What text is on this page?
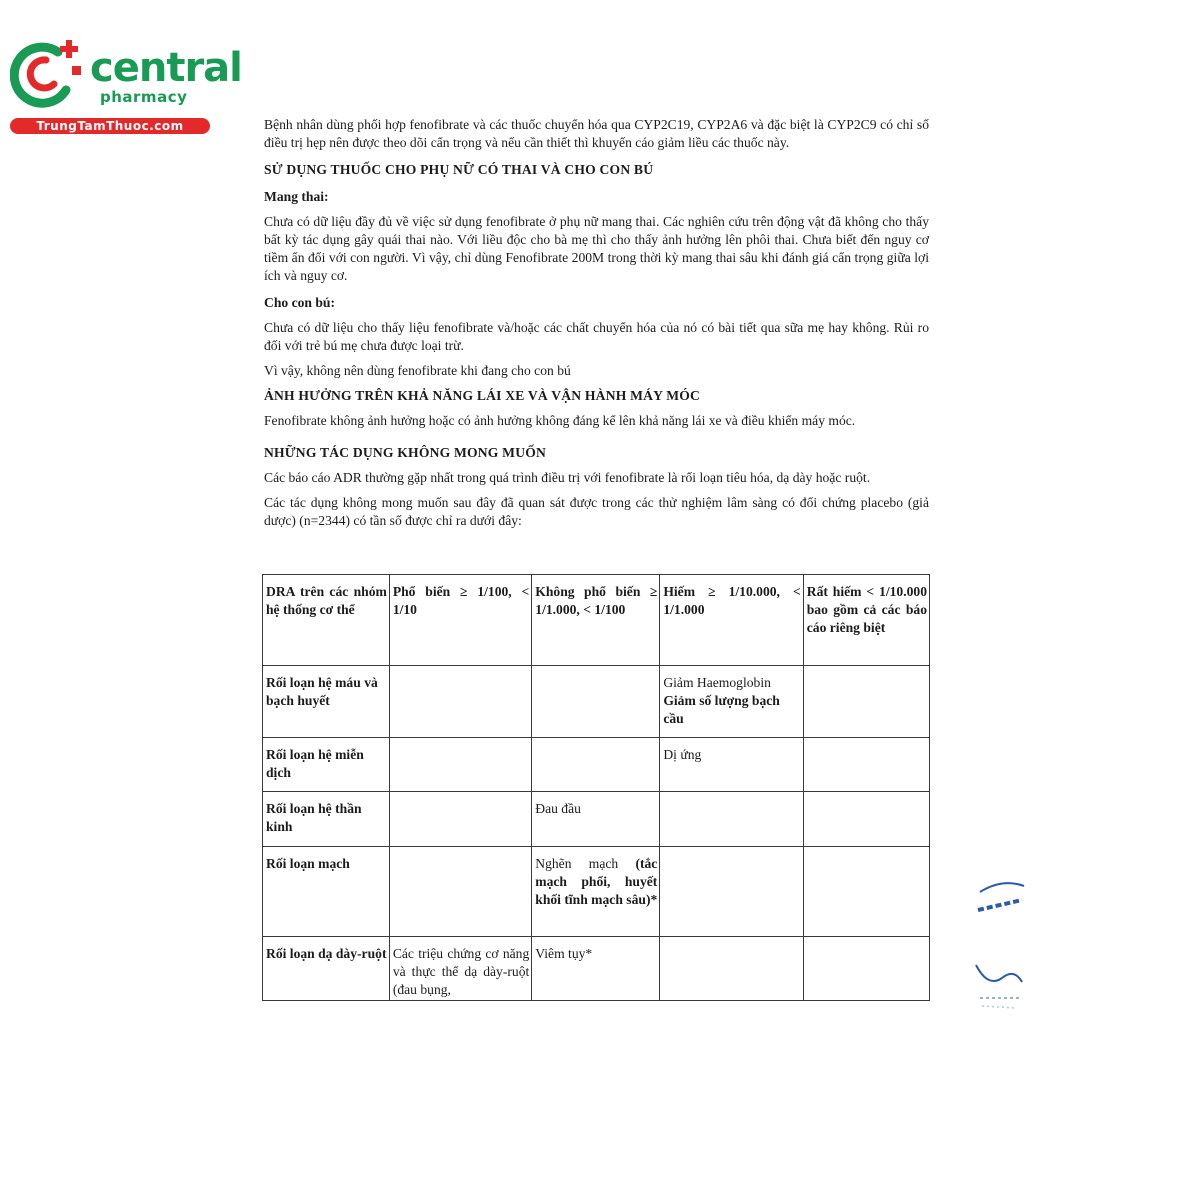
central
pharmacy
TrungTamThuoc.com	Bệnh nhân dùng phối hợp fenofibrate và các thuốc chuyển hóa qua CYP2C19, CYP2A6 và đặc biệt là CYP2C9 có chỉ số điều trị hẹp nên được theo dõi cẩn trọng và nếu cần thiết thì khuyến cáo giảm liều các thuốc này.

SỬ DỤNG THUỐC CHO PHỤ NỮ CÓ THAI VÀ CHO CON BÚ

Mang thai:

Chưa có dữ liệu đầy đủ về việc sử dụng fenofibrate ở phụ nữ mang thai. Các nghiên cứu trên động vật đã không cho thấy bất kỳ tác dụng gây quái thai nào. Với liều độc cho bà mẹ thì cho thấy ảnh hưởng lên phôi thai. Chưa biết đến nguy cơ tiềm ẩn đối với con người. Vì vậy, chỉ dùng Fenofibrate 200M trong thời kỳ mang thai sâu khi đánh giá cẩn trọng giữa lợi ích và nguy cơ.

Cho con bú:

Chưa có dữ liệu cho thấy liệu fenofibrate và/hoặc các chất chuyển hóa của nó có bài tiết qua sữa mẹ hay không. Rủi ro đối với trẻ bú mẹ chưa được loại trừ.

Vì vậy, không nên dùng fenofibrate khi đang cho con bú

ẢNH HƯỞNG TRÊN KHẢ NĂNG LÁI XE VÀ VẬN HÀNH MÁY MÓC

Fenofibrate không ảnh hưởng hoặc có ảnh hưởng không đáng kể lên khả năng lái xe và điều khiển máy móc.

NHỮNG TÁC DỤNG KHÔNG MONG MUỐN

Các báo cáo ADR thường gặp nhất trong quá trình điều trị với fenofibrate là rối loạn tiêu hóa, dạ dày hoặc ruột.

Các tác dụng không mong muốn sau đây đã quan sát được trong các thử nghiệm lâm sàng có đối chứng placebo (giả dược) (n=2344) có tần số được chỉ ra dưới đây:

DRA trên các nhóm hệ thống cơ thể	Phổ biến ≥ 1/100, < 1/10	Không phổ biến ≥ 1/1.000, < 1/100	Hiếm ≥ 1/10.000, < 1/1.000	Rất hiếm < 1/10.000 bao gồm cả các báo cáo riêng biệt
Rối loạn hệ máu và bạch huyết			Giảm Haemoglobin Giảm số lượng bạch cầu	
Rối loạn hệ miễn dịch			Dị ứng	
Rối loạn hệ thần kinh		Đau đầu		
Rối loạn mạch		Nghẽn mạch (tắc mạch phổi, huyết khối tĩnh mạch sâu)*		
Rối loạn dạ dày-ruột	Các triệu chứng cơ năng và thực thể dạ dày-ruột (đau bụng,	Viêm tụy*		
